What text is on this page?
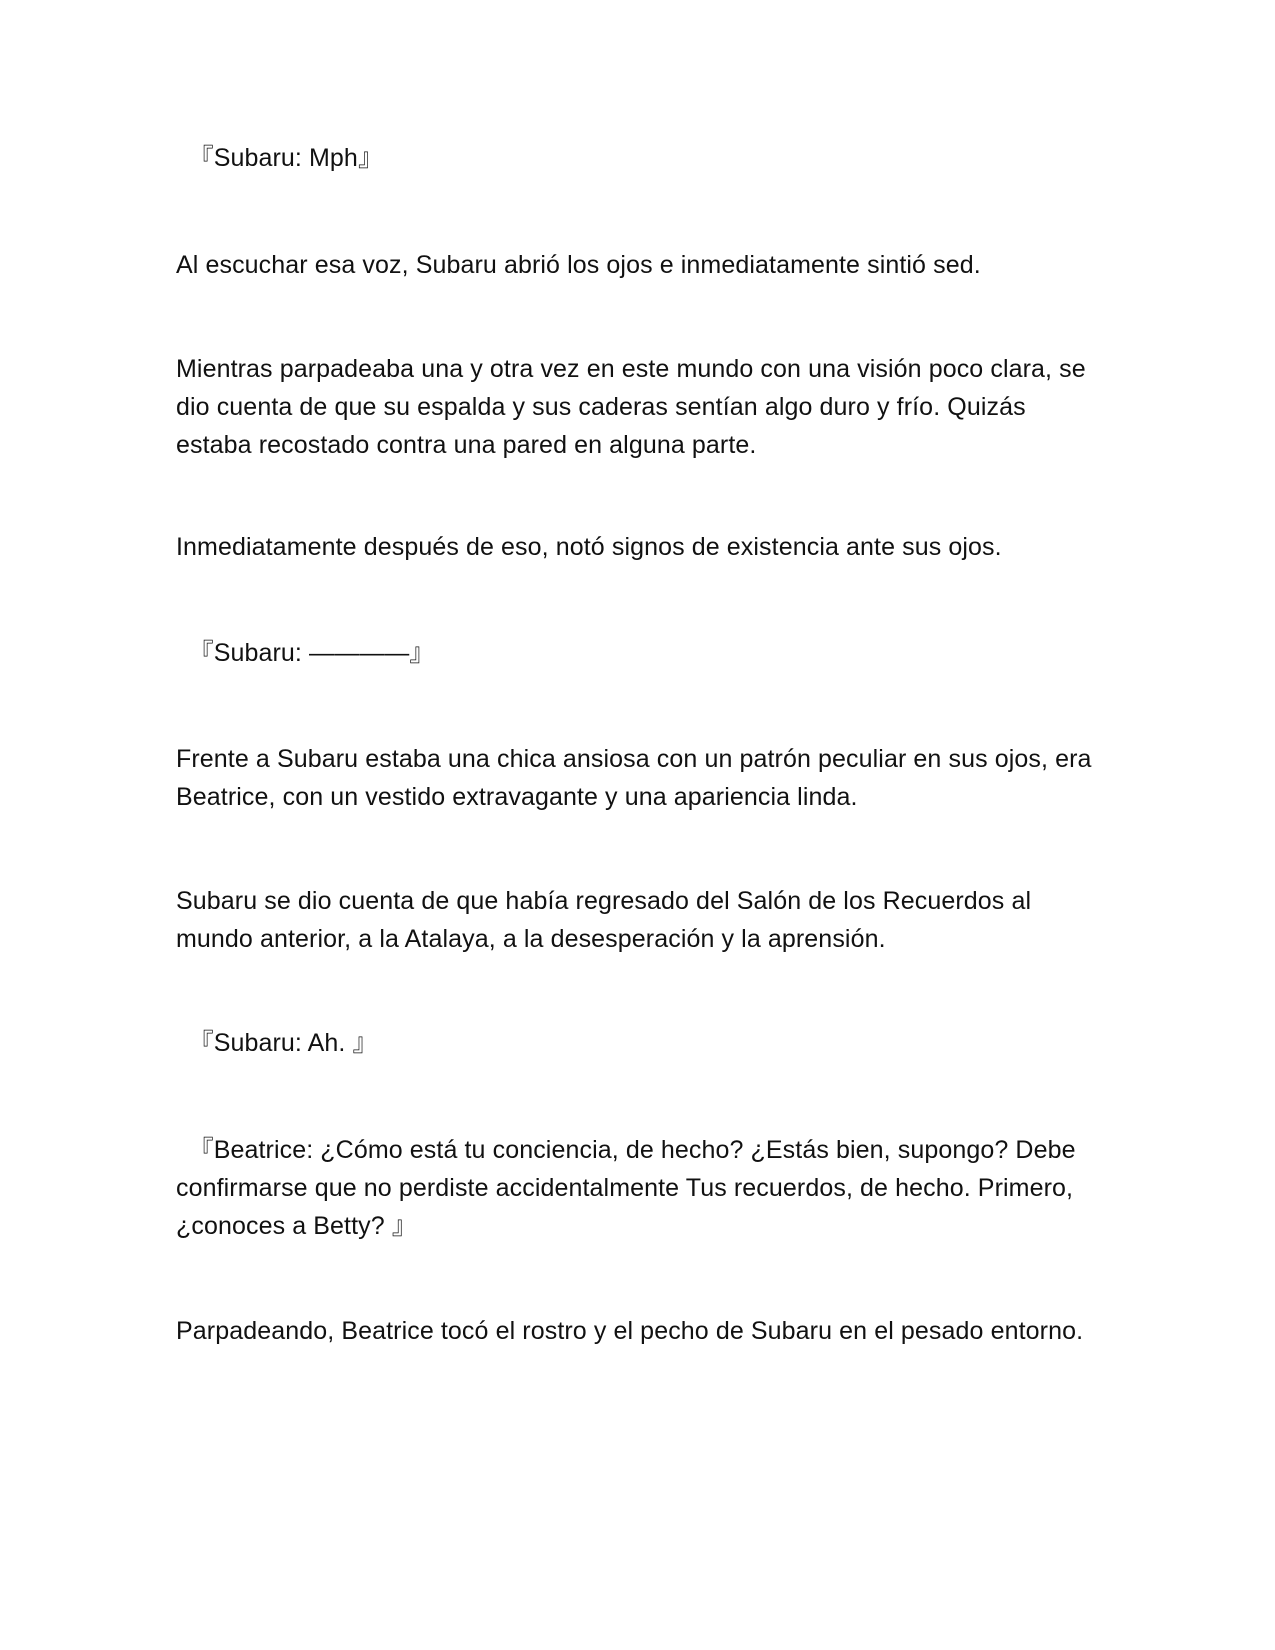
　『Subaru: Mph』

Al escuchar esa voz, Subaru abrió los ojos e inmediatamente sintió sed.

Mientras parpadeaba una y otra vez en este mundo con una visión poco clara, se dio cuenta de que su espalda y sus caderas sentían algo duro y frío. Quizás estaba recostado contra una pared en alguna parte.

Inmediatamente después de eso, notó signos de existencia ante sus ojos.

　『Subaru: ————』

Frente a Subaru estaba una chica ansiosa con un patrón peculiar en sus ojos, era Beatrice, con un vestido extravagante y una apariencia linda.

Subaru se dio cuenta de que había regresado del Salón de los Recuerdos al mundo anterior, a la Atalaya, a la desesperación y la aprensión.

　『Subaru: Ah. 』

　『Beatrice: ¿Cómo está tu conciencia, de hecho? ¿Estás bien, supongo? Debe confirmarse que no perdiste accidentalmente Tus recuerdos, de hecho. Primero, ¿conoces a Betty? 』

Parpadeando, Beatrice tocó el rostro y el pecho de Subaru en el pesado entorno.
